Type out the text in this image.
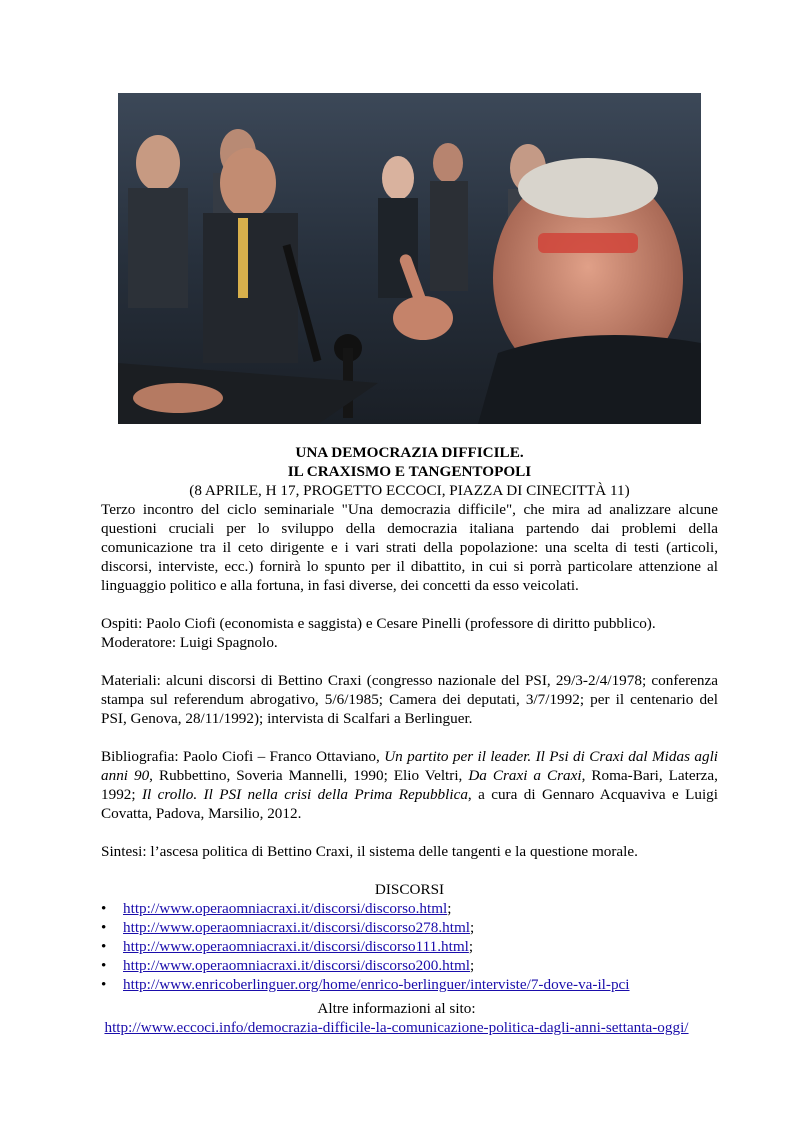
UNA DEMOCRAZIA DIFFICILE.

IL CRAXISMO E TANGENTOPOLI

(8 APRILE, H 17, PROGETTO ECCOCI, PIAZZA DI CINECITTÀ 11)

Terzo incontro del ciclo seminariale "Una democrazia difficile", che mira ad analizzare alcune questioni cruciali per lo sviluppo della democrazia italiana partendo dai problemi della comunicazione tra il ceto dirigente e i vari strati della popolazione: una scelta di testi (articoli, discorsi, interviste, ecc.) fornirà lo spunto per il dibattito, in cui si porrà particolare attenzione al linguaggio politico e alla fortuna, in fasi diverse, dei concetti da esso veicolati.

Ospiti: Paolo Ciofi (economista e saggista) e Cesare Pinelli (professore di diritto pubblico).

Moderatore: Luigi Spagnolo.

Materiali: alcuni discorsi di Bettino Craxi (congresso nazionale del PSI, 29/3-2/4/1978; conferenza stampa sul referendum abrogativo, 5/6/1985; Camera dei deputati, 3/7/1992; per il centenario del PSI, Genova, 28/11/1992); intervista di Scalfari a Berlinguer.

Bibliografia: Paolo Ciofi – Franco Ottaviano, Un partito per il leader. Il Psi di Craxi dal Midas agli anni 90, Rubbettino, Soveria Mannelli, 1990; Elio Veltri, Da Craxi a Craxi, Roma-Bari, Laterza, 1992; Il crollo. Il PSI nella crisi della Prima Repubblica, a cura di Gennaro Acquaviva e Luigi Covatta, Padova, Marsilio, 2012.

Sintesi: l’ascesa politica di Bettino Craxi, il sistema delle tangenti e la questione morale.

DISCORSI

• http://www.operaomniacraxi.it/discorsi/discorso.html;
• http://www.operaomniacraxi.it/discorsi/discorso278.html;
• http://www.operaomniacraxi.it/discorsi/discorso111.html;
• http://www.operaomniacraxi.it/discorsi/discorso200.html;
• http://www.enricoberlinguer.org/home/enrico-berlinguer/interviste/7-dove-va-il-pci

Altre informazioni al sito:

http://www.eccoci.info/democrazia-difficile-la-comunicazione-politica-dagli-anni-settanta-oggi/
